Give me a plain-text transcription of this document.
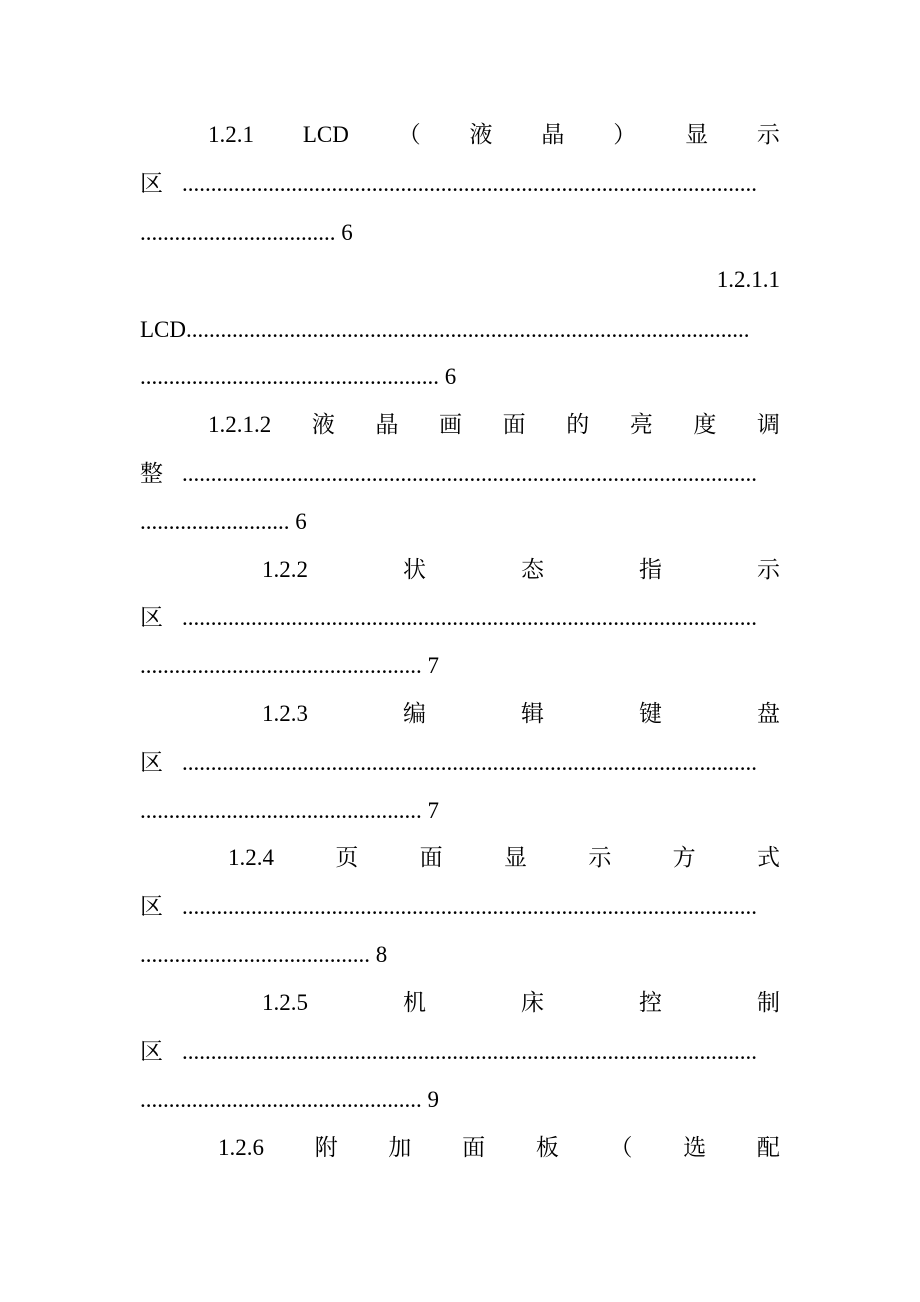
1.2.1 LCD （ 液 晶 ） 显 示
区 ....................................................................................................
.................................. 6
1.2.1.1
LCD..................................................................................................
.................................................... 6
1.2.1.2 液 晶 画 面 的 亮 度 调
整 ....................................................................................................
.......................... 6
1.2.2	状	态	指	示
区 ....................................................................................................
................................................. 7
1.2.3	编	辑	键	盘
区 ....................................................................................................
................................................. 7
1.2.4	页	面	显	示	方	式
区 ....................................................................................................
........................................ 8
1.2.5	机	床	控	制
区 ....................................................................................................
................................................. 9
1.2.6 附 加 面 板 （ 选 配
